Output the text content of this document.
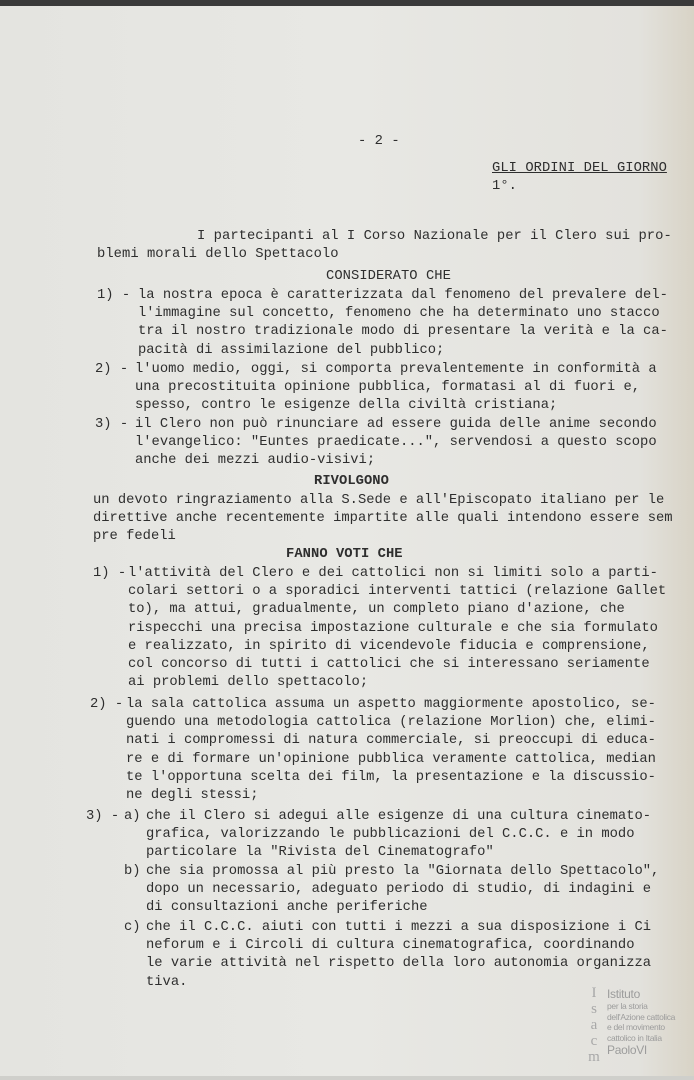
- 2 -
GLI ORDINI DEL GIORNO
1°.
I partecipanti al I Corso Nazionale per il Clero sui pro-
blemi morali dello Spettacolo
CONSIDERATO CHE
1) - la nostra epoca è caratterizzata dal fenomeno del prevalere del-
l'immagine sul concetto, fenomeno che ha determinato uno stacco
tra il nostro tradizionale modo di presentare la verità e la ca-
pacità di assimilazione del pubblico;
2) - l'uomo medio, oggi, si comporta prevalentemente in conformità a
una precostituita opinione pubblica, formatasi al di fuori e,
spesso, contro le esigenze della civiltà cristiana;
3) - il Clero non può rinunciare ad essere guida delle anime secondo
l'evangelico: "Euntes praedicate...", servendosi a questo scopo
anche dei mezzi audio-visivi;
RIVOLGONO
un devoto ringraziamento alla S.Sede e all'Episcopato italiano per le
direttive anche recentemente impartite alle quali intendono essere sem
pre fedeli
FANNO VOTI CHE
1) - l'attività del Clero e dei cattolici non si limiti solo a parti-
colari settori o a sporadici interventi tattici (relazione Gallet
to), ma attui, gradualmente, un completo piano d'azione, che
rispecchi una precisa impostazione culturale e che sia formulato
e realizzato, in spirito di vicendevole fiducia e comprensione,
col concorso di tutti i cattolici che si interessano seriamente
ai problemi dello spettacolo;
2) - la sala cattolica assuma un aspetto maggiormente apostolico, se-
guendo una metodologia cattolica (relazione Morlion) che, elimi-
nati i compromessi di natura commerciale, si preoccupi di educa-
re e di formare un'opinione pubblica veramente cattolica, median
te l'opportuna scelta dei film, la presentazione e la discussio-
ne degli stessi;
3) - a) che il Clero si adegui alle esigenze di una cultura cinemato-
grafica, valorizzando le pubblicazioni del C.C.C. e in modo
particolare la "Rivista del Cinematografo"
b) che sia promossa al più presto la "Giornata dello Spettacolo",
dopo un necessario, adeguato periodo di studio, di indagini e
di consultazioni anche periferiche
c) che il C.C.C. aiuti con tutti i mezzi a sua disposizione i Ci
neforum e i Circoli di cultura cinematografica, coordinando
le varie attività nel rispetto della loro autonomia organizza
tiva.
I
s
a
c
m
Istituto
per la storia
dell'Azione cattolica
e del movimento
cattolico in Italia
PaoloVI
